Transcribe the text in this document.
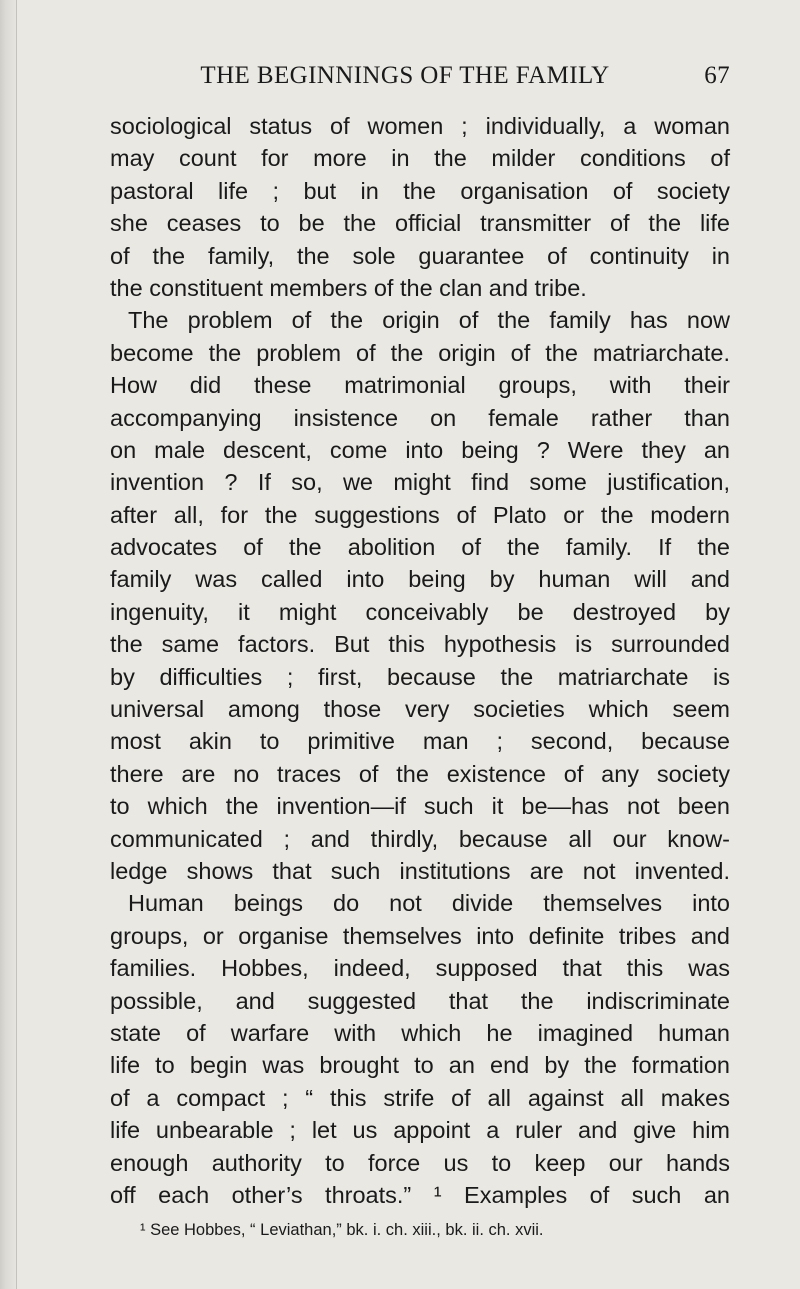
THE BEGINNINGS OF THE FAMILY	67
sociological status of women ; individually, a woman
may count for more in the milder conditions of
pastoral life ; but in the organisation of society
she ceases to be the official transmitter of the life
of the family, the sole guarantee of continuity in
the constituent members of the clan and tribe.
The problem of the origin of the family has now
become the problem of the origin of the matriarchate.
How did these matrimonial groups, with their
accompanying insistence on female rather than
on male descent, come into being ? Were they an
invention ? If so, we might find some justification,
after all, for the suggestions of Plato or the modern
advocates of the abolition of the family. If the
family was called into being by human will and
ingenuity, it might conceivably be destroyed by
the same factors. But this hypothesis is surrounded
by difficulties ; first, because the matriarchate is
universal among those very societies which seem
most akin to primitive man ; second, because
there are no traces of the existence of any society
to which the invention—if such it be—has not been
communicated ; and thirdly, because all our know-
ledge shows that such institutions are not invented.
Human beings do not divide themselves into
groups, or organise themselves into definite tribes and
families. Hobbes, indeed, supposed that this was
possible, and suggested that the indiscriminate
state of warfare with which he imagined human
life to begin was brought to an end by the formation
of a compact ; “ this strife of all against all makes
life unbearable ; let us appoint a ruler and give him
enough authority to force us to keep our hands
off each other’s throats.” ¹ Examples of such an
¹ See Hobbes, “ Leviathan,” bk. i. ch. xiii., bk. ii. ch. xvii.
